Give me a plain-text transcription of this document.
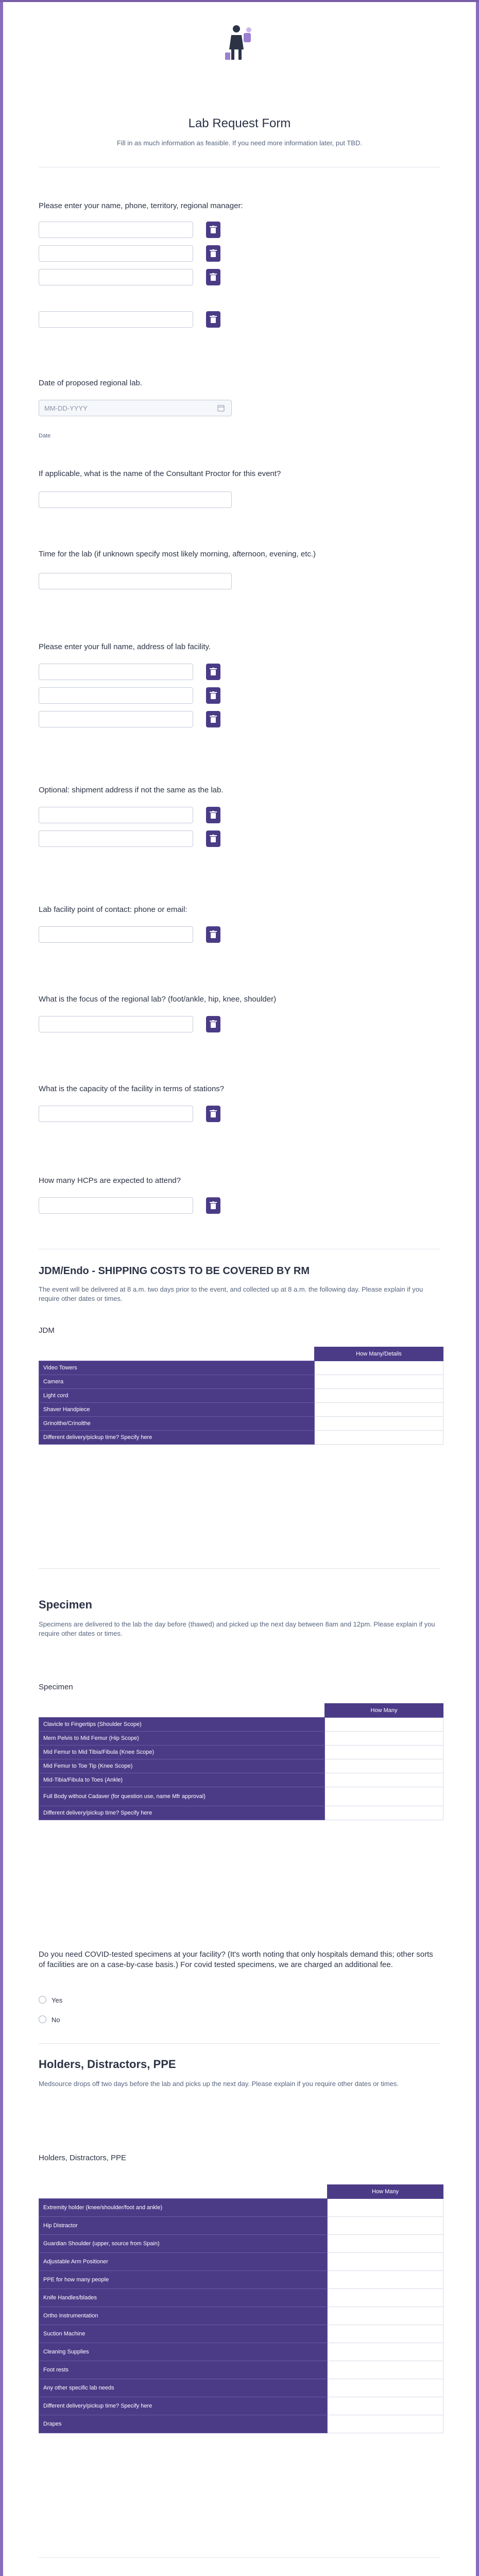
Lab Request Form
Fill in as much information as feasible. If you need more information later, put TBD.
Please enter your name, phone, territory, regional manager:
Date of proposed regional lab.
MM-DD-YYYY
Date
If applicable, what is the name of the Consultant Proctor for this event?
Time for the lab (if unknown specify most likely morning, afternoon, evening, etc.)
Please enter your full name, address of lab facility.
Optional: shipment address if not the same as the lab.
Lab facility point of contact: phone or email:
What is the focus of the regional lab? (foot/ankle, hip, knee, shoulder)
What is the capacity of the facility in terms of stations?
How many HCPs are expected to attend?
JDM/Endo - SHIPPING COSTS TO BE COVERED BY RM
The event will be delivered at 8 a.m. two days prior to the event, and collected up at 8 a.m. the following day. Please explain if you require other dates or times.
JDM
	How Many/Details
Video Towers	
Camera	
Light cord	
Shaver Handpiece	
Grinolthe/Crinolthe	
Different delivery/pickup time? Specify here	
Specimen
Specimens are delivered to the lab the day before (thawed) and picked up the next day between 8am and 12pm. Please explain if you require other dates or times.
Specimen
	How Many
Clavicle to Fingertips (Shoulder Scope)	
Mem Pelvis to Mid Femur (Hip Scope)	
Mid Femur to Mid Tibia/Fibula (Knee Scope)	
Mid Femur to Toe Tip (Knee Scope)	
Mid-Tibia/Fibula to Toes (Ankle)	
Full Body without Cadaver (for question use, name Mfr approval)	
Different delivery/pickup time? Specify here	
Do you need COVID-tested specimens at your facility? (It's worth noting that only hospitals demand this; other sorts of facilities are on a case-by-case basis.) For covid tested specimens, we are charged an additional fee.
Yes
No
Holders, Distractors, PPE
Medsource drops off two days before the lab and picks up the next day. Please explain if you require other dates or times.
Holders, Distractors, PPE
	How Many
Extremity holder (knee/shoulder/foot and ankle)	
Hip Distractor	
Guardian Shoulder (upper, source from Spain)	
Adjustable Arm Positioner	
PPE for how many people	
Knife Handles/blades	
Ortho Instrumentation	
Suction Machine	
Cleaning Supplies	
Foot rests	
Any other specific lab needs	
Different delivery/pickup time? Specify here	
Drapes	
